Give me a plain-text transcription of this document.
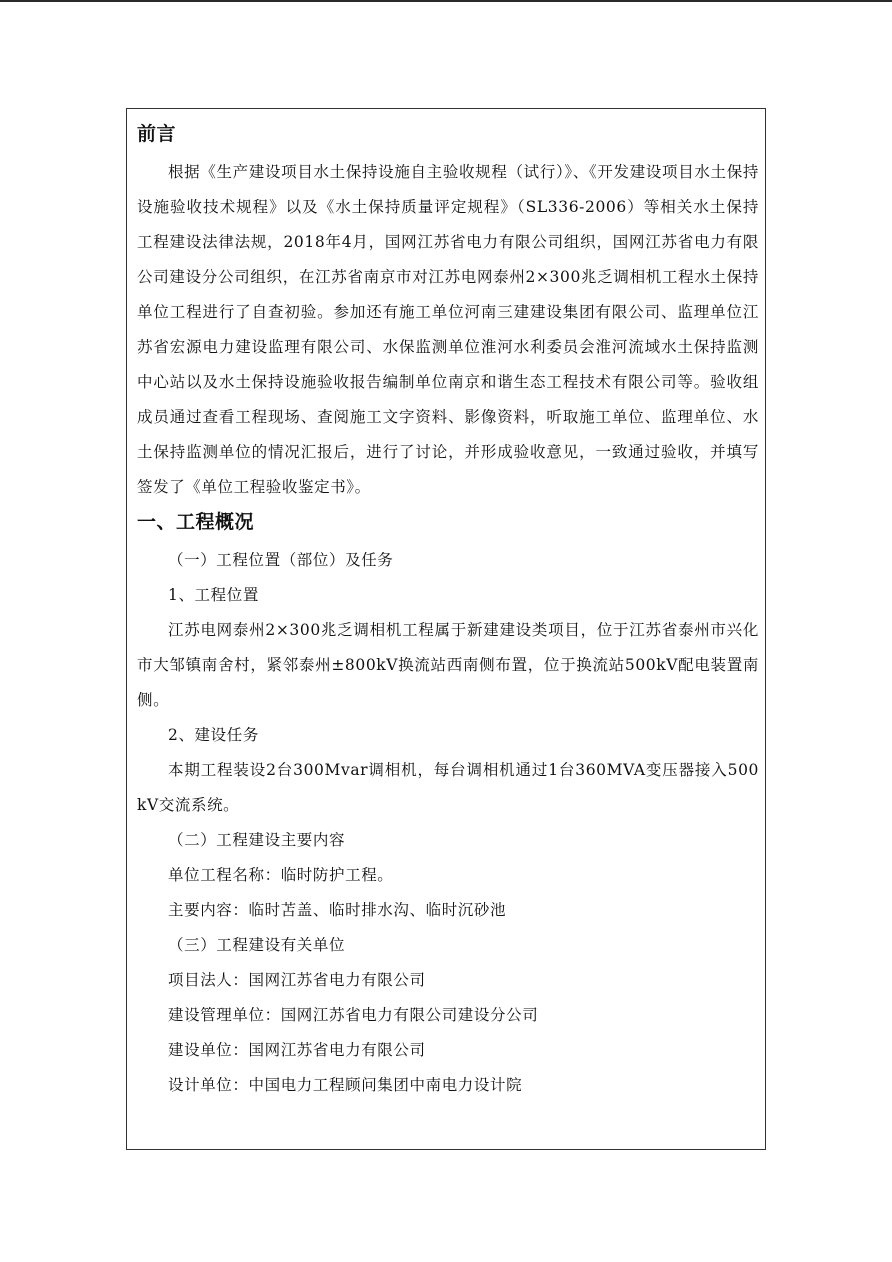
前言

根据《生产建设项目水土保持设施自主验收规程（试行）》、《开发建设项目水土保持设施验收技术规程》以及《水土保持质量评定规程》（SL336-2006）等相关水土保持工程建设法律法规，2018年4月，国网江苏省电力有限公司组织，国网江苏省电力有限公司建设分公司组织，在江苏省南京市对江苏电网泰州2×300兆乏调相机工程水土保持单位工程进行了自查初验。参加还有施工单位河南三建建设集团有限公司、监理单位江苏省宏源电力建设监理有限公司、水保监测单位淮河水利委员会淮河流域水土保持监测中心站以及水土保持设施验收报告编制单位南京和谐生态工程技术有限公司等。验收组成员通过查看工程现场、查阅施工文字资料、影像资料，听取施工单位、监理单位、水土保持监测单位的情况汇报后，进行了讨论，并形成验收意见，一致通过验收，并填写签发了《单位工程验收鉴定书》。

一、工程概况
（一）工程位置（部位）及任务
1、工程位置

江苏电网泰州2×300兆乏调相机工程属于新建建设类项目，位于江苏省泰州市兴化市大邹镇南舍村，紧邻泰州±800kV换流站西南侧布置，位于换流站500kV配电装置南侧。

2、建设任务

本期工程装设2台300Mvar调相机，每台调相机通过1台360MVA变压器接入500kV交流系统。

（二）工程建设主要内容
单位工程名称：临时防护工程。
主要内容：临时苫盖、临时排水沟、临时沉砂池
（三）工程建设有关单位
项目法人：国网江苏省电力有限公司
建设管理单位：国网江苏省电力有限公司建设分公司
建设单位：国网江苏省电力有限公司
设计单位：中国电力工程顾问集团中南电力设计院
